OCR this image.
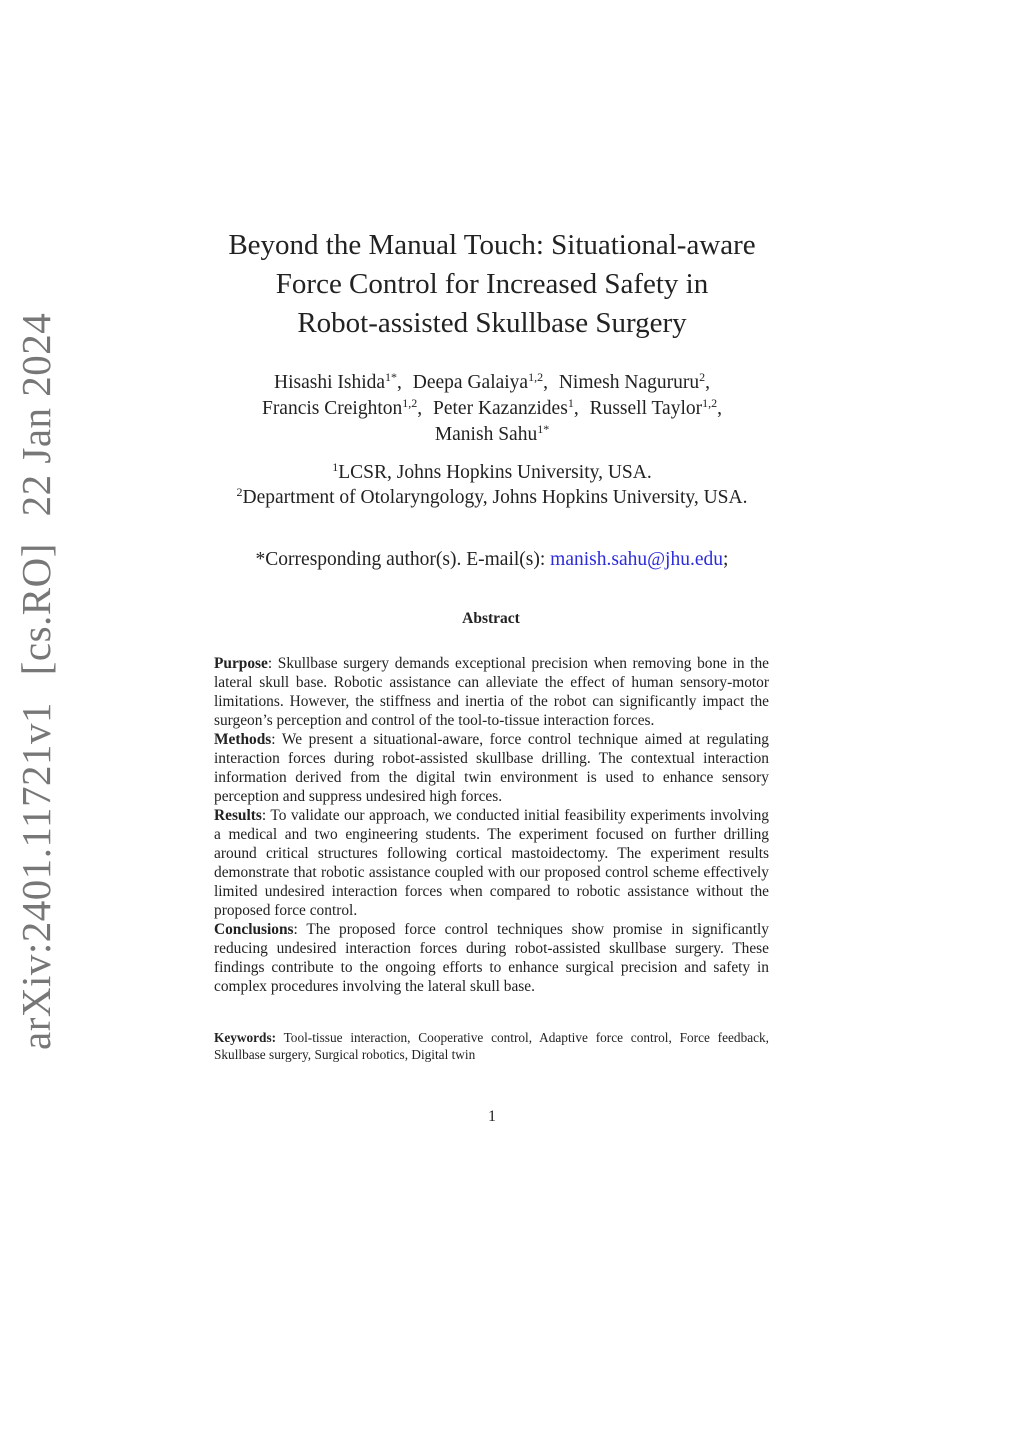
arXiv:2401.11721v1 [cs.RO] 22 Jan 2024
Beyond the Manual Touch: Situational-aware
Force Control for Increased Safety in
Robot-assisted Skullbase Surgery
Hisashi Ishida$^{1*}$, Deepa Galaiya$^{1,2}$, Nimesh Nagururu$^2$,
Francis Creighton$^{1,2}$, Peter Kazanzides$^1$, Russell Taylor$^{1,2}$,
Manish Sahu$^{1*}$
$^1$LCSR, Johns Hopkins University, USA.
$^2$Department of Otolaryngology, Johns Hopkins University, USA.
*Corresponding author(s). E-mail(s): manish.sahu@jhu.edu;
Abstract

Purpose: Skullbase surgery demands exceptional precision when removing bone in the lateral skull base. Robotic assistance can alleviate the effect of human sensory-motor limitations. However, the stiffness and inertia of the robot can significantly impact the surgeon’s perception and control of the tool-to-tissue interaction forces.

Methods: We present a situational-aware, force control technique aimed at regulating interaction forces during robot-assisted skullbase drilling. The contextual interaction information derived from the digital twin environment is used to enhance sensory perception and suppress undesired high forces.

Results: To validate our approach, we conducted initial feasibility experiments involving a medical and two engineering students. The experiment focused on further drilling around critical structures following cortical mastoidectomy. The experiment results demonstrate that robotic assistance coupled with our proposed control scheme effectively limited undesired interaction forces when compared to robotic assistance without the proposed force control.

Conclusions: The proposed force control techniques show promise in significantly reducing undesired interaction forces during robot-assisted skullbase surgery. These findings contribute to the ongoing efforts to enhance surgical precision and safety in complex procedures involving the lateral skull base.

Keywords: Tool-tissue interaction, Cooperative control, Adaptive force control, Force feedback, Skullbase surgery, Surgical robotics, Digital twin
1
